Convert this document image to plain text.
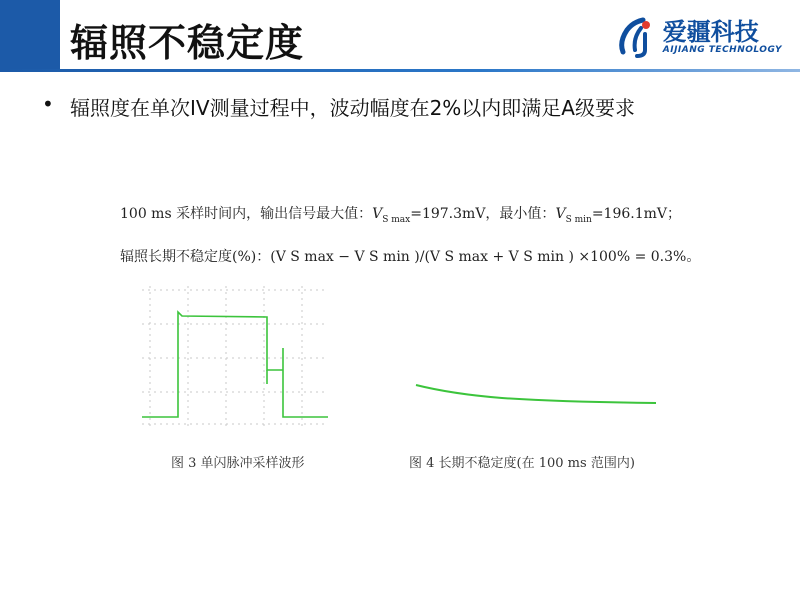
辐照不稳定度	爱疆科技
AIJIANG TECHNOLOGY
• 辐照度在单次IV测量过程中，波动幅度在2%以内即满足A级要求
100 ms 采样时间内，输出信号最大值：$V_{S max}=197.3mV$，最小值：$V_{S min}=196.1mV$；
辐照长期不稳定度(%)：(V S max − V S min )/(V S max + V S min ) ×100% = 0.3%。
图 3 单闪脉冲采样波形	图 4 长期不稳定度(在 100 ms 范围内)
